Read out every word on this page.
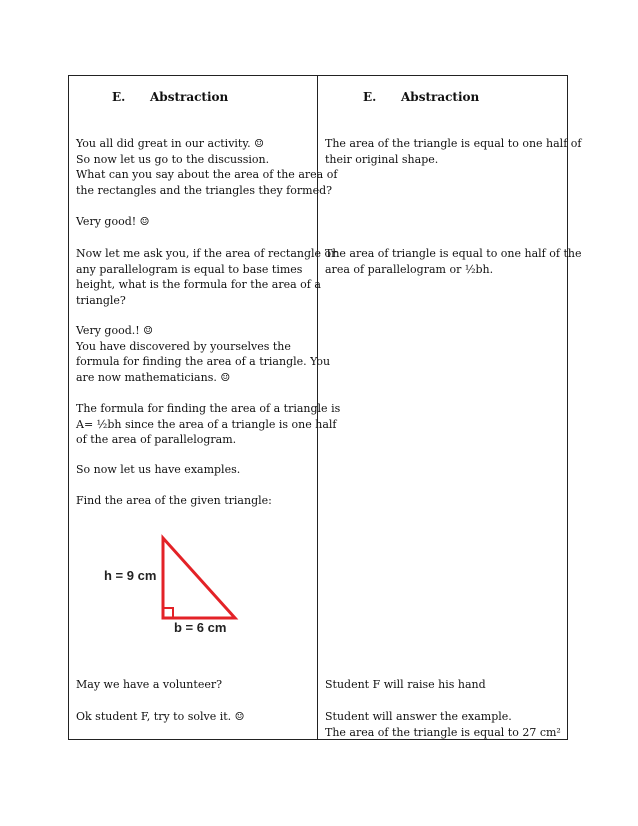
E. Abstraction
You all did great in our activity. ☺
So now let us go to the discussion.
What can you say about the area of the area of
the rectangles and the triangles they formed?
Very good! ☺
Now let me ask you, if the area of rectangle or
any parallelogram is equal to base times
height, what is the formula for the area of a
triangle?
Very good.! ☺
You have discovered by yourselves the
formula for finding the area of a triangle. You
are now mathematicians. ☺
The formula for finding the area of a triangle is
A= ½bh since the area of a triangle is one half
of the area of parallelogram.
So now let us have examples.
Find the area of the given triangle:
h = 9 cm
b = 6 cm
May we have a volunteer?
Ok student F, try to solve it. ☺
E. Abstraction
The area of the triangle is equal to one half of
their original shape.
The area of triangle is equal to one half of the
area of parallelogram or ½bh.
Student F will raise his hand
Student will answer the example.
The area of the triangle is equal to 27 cm²
